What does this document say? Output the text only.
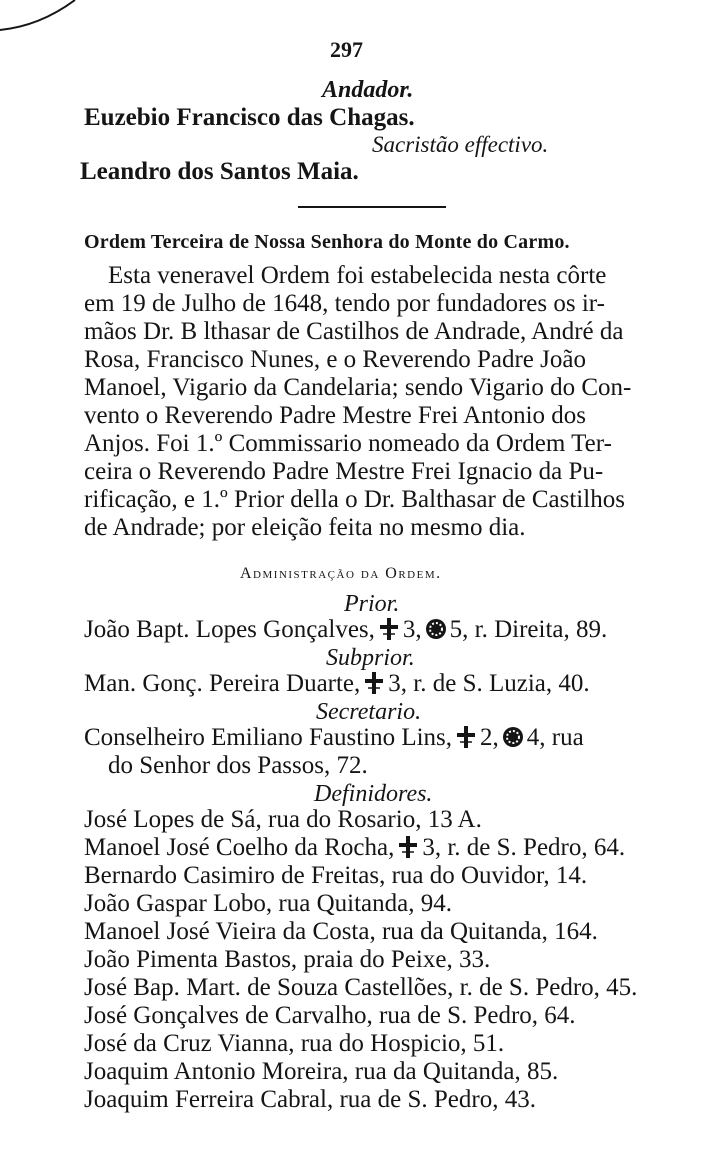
297
Andador.
Euzebio Francisco das Chagas.
Sacristão effectivo.
Leandro dos Santos Maia.
Ordem Terceira de Nossa Senhora do Monte do Carmo.
Esta veneravel Ordem foi estabelecida nesta côrte
em 19 de Julho de 1648, tendo por fundadores os ir-
mãos Dr. B lthasar de Castilhos de Andrade, André da
Rosa, Francisco Nunes, e o Reverendo Padre João
Manoel, Vigario da Candelaria; sendo Vigario do Con-
vento o Reverendo Padre Mestre Frei Antonio dos
Anjos. Foi 1.º Commissario nomeado da Ordem Ter-
ceira o Reverendo Padre Mestre Frei Ignacio da Pu-
rificação, e 1.º Prior della o Dr. Balthasar de Castilhos
de Andrade; por eleição feita no mesmo dia.
Administração da Ordem.
Prior.
João Bapt. Lopes Gonçalves, 3, 5, r. Direita, 89.
Subprior.
Man. Gonç. Pereira Duarte, 3, r. de S. Luzia, 40.
Secretario.
Conselheiro Emiliano Faustino Lins, 2, 4, rua
do Senhor dos Passos, 72.
Definidores.
José Lopes de Sá, rua do Rosario, 13 A.
Manoel José Coelho da Rocha, 3, r. de S. Pedro, 64.
Bernardo Casimiro de Freitas, rua do Ouvidor, 14.
João Gaspar Lobo, rua Quitanda, 94.
Manoel José Vieira da Costa, rua da Quitanda, 164.
João Pimenta Bastos, praia do Peixe, 33.
José Bap. Mart. de Souza Castellões, r. de S. Pedro, 45.
José Gonçalves de Carvalho, rua de S. Pedro, 64.
José da Cruz Vianna, rua do Hospicio, 51.
Joaquim Antonio Moreira, rua da Quitanda, 85.
Joaquim Ferreira Cabral, rua de S. Pedro, 43.
